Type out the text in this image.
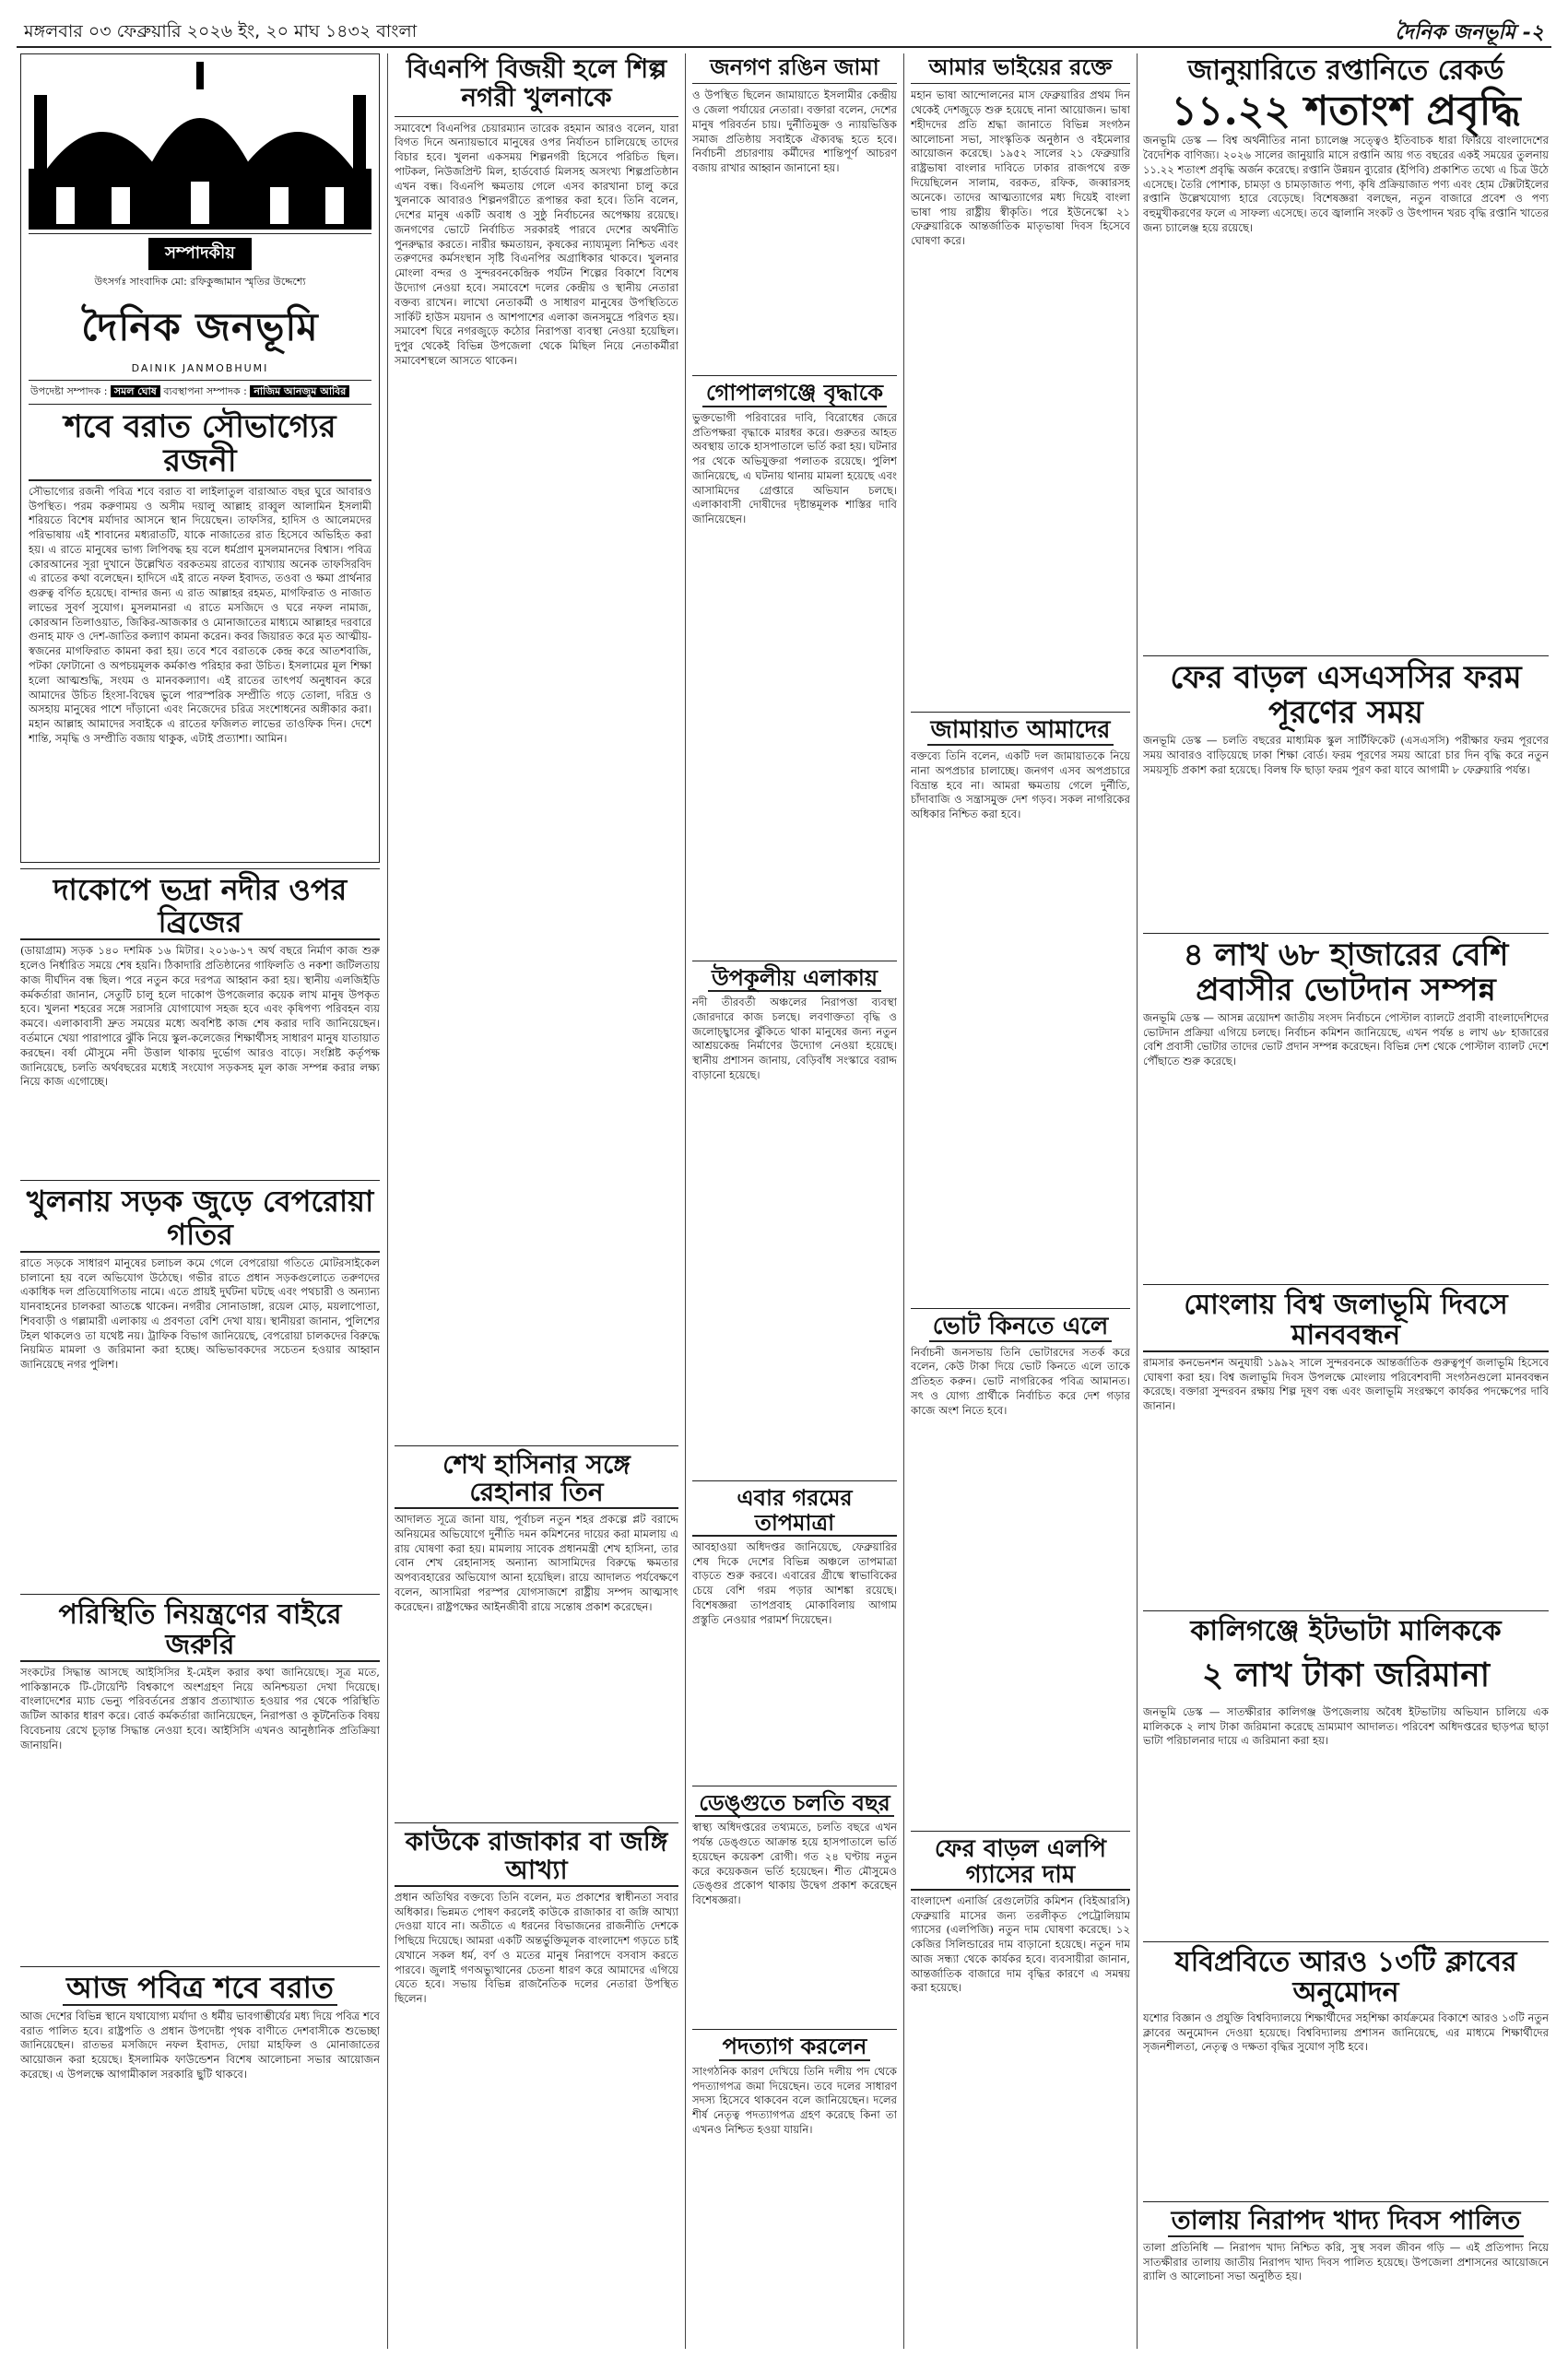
মঙ্গলবার ০৩ ফেব্রুয়ারি ২০২৬ ইং, ২০ মাঘ ১৪৩২ বাংলা	দৈনিক জনভূমি -২
সম্পাদকীয়
উৎসর্গঃ সাংবাদিক মো: রফিকুজ্জামান স্মৃতির উদ্দেশ্যে
দৈনিক জনভূমি
DAINIK JANMOBHUMI
উপদেষ্টা সম্পাদক : সমল ঘোষ ব্যবস্থাপনা সম্পাদক : নাজিম আনজুম আবির
শবে বরাত সৌভাগ্যের রজনী

সৌভাগ্যের রজনী পবিত্র শবে বরাত বা লাইলাতুল বারাআত বছর ঘুরে আবারও উপস্থিত। পরম করুণাময় ও অসীম দয়ালু আল্লাহ রাব্বুল আলামিন ইসলামী শরিয়তে বিশেষ মর্যাদার আসনে স্থান দিয়েছেন। তাফসির, হাদিস ও আলেমদের পরিভাষায় এই শাবানের মধ্যরাতটি, যাকে নাজাতের রাত হিসেবে অভিহিত করা হয়। এ রাতে মানুষের ভাগ্য লিপিবদ্ধ হয় বলে ধর্মপ্রাণ মুসলমানদের বিশ্বাস। পবিত্র কোরআনের সূরা দুখানে উল্লেখিত বরকতময় রাতের ব্যাখ্যায় অনেক তাফসিরবিদ এ রাতের কথা বলেছেন। হাদিসে এই রাতে নফল ইবাদত, তওবা ও ক্ষমা প্রার্থনার গুরুত্ব বর্ণিত হয়েছে। বান্দার জন্য এ রাত আল্লাহর রহমত, মাগফিরাত ও নাজাত লাভের সুবর্ণ সুযোগ। মুসলমানরা এ রাতে মসজিদে ও ঘরে নফল নামাজ, কোরআন তিলাওয়াত, জিকির-আজকার ও মোনাজাতের মাধ্যমে আল্লাহর দরবারে গুনাহ মাফ ও দেশ-জাতির কল্যাণ কামনা করেন। কবর জিয়ারত করে মৃত আত্মীয়-স্বজনের মাগফিরাত কামনা করা হয়। তবে শবে বরাতকে কেন্দ্র করে আতশবাজি, পটকা ফোটানো ও অপচয়মূলক কর্মকাণ্ড পরিহার করা উচিত। ইসলামের মূল শিক্ষা হলো আত্মশুদ্ধি, সংযম ও মানবকল্যাণ। এই রাতের তাৎপর্য অনুধাবন করে আমাদের উচিত হিংসা-বিদ্বেষ ভুলে পারস্পরিক সম্প্রীতি গড়ে তোলা, দরিদ্র ও অসহায় মানুষের পাশে দাঁড়ানো এবং নিজেদের চরিত্র সংশোধনের অঙ্গীকার করা। মহান আল্লাহ আমাদের সবাইকে এ রাতের ফজিলত লাভের তাওফিক দিন। দেশে শান্তি, সমৃদ্ধি ও সম্প্রীতি বজায় থাকুক, এটাই প্রত্যাশা। আমিন।

দাকোপে ভদ্রা নদীর ওপর ব্রিজের

(ডায়াগ্রাম) সড়ক ১৪০ দশমিক ১৬ মিটার। ২০১৬-১৭ অর্থ বছরে নির্মাণ কাজ শুরু হলেও নির্ধারিত সময়ে শেষ হয়নি। ঠিকাদারি প্রতিষ্ঠানের গাফিলতি ও নকশা জটিলতায় কাজ দীর্ঘদিন বন্ধ ছিল। পরে নতুন করে দরপত্র আহ্বান করা হয়। স্থানীয় এলজিইডি কর্মকর্তারা জানান, সেতুটি চালু হলে দাকোপ উপজেলার কয়েক লাখ মানুষ উপকৃত হবে। খুলনা শহরের সঙ্গে সরাসরি যোগাযোগ সহজ হবে এবং কৃষিপণ্য পরিবহন ব্যয় কমবে। এলাকাবাসী দ্রুত সময়ের মধ্যে অবশিষ্ট কাজ শেষ করার দাবি জানিয়েছেন। বর্তমানে খেয়া পারাপারে ঝুঁকি নিয়ে স্কুল-কলেজের শিক্ষার্থীসহ সাধারণ মানুষ যাতায়াত করছেন। বর্ষা মৌসুমে নদী উত্তাল থাকায় দুর্ভোগ আরও বাড়ে। সংশ্লিষ্ট কর্তৃপক্ষ জানিয়েছে, চলতি অর্থবছরের মধ্যেই সংযোগ সড়কসহ মূল কাজ সম্পন্ন করার লক্ষ্য নিয়ে কাজ এগোচ্ছে।

খুলনায় সড়ক জুড়ে বেপরোয়া গতির

রাতে সড়কে সাধারণ মানুষের চলাচল কমে গেলে বেপরোয়া গতিতে মোটরসাইকেল চালানো হয় বলে অভিযোগ উঠেছে। গভীর রাতে প্রধান সড়কগুলোতে তরুণদের একাধিক দল প্রতিযোগিতায় নামে। এতে প্রায়ই দুর্ঘটনা ঘটছে এবং পথচারী ও অন্যান্য যানবাহনের চালকরা আতঙ্কে থাকেন। নগরীর সোনাডাঙ্গা, রয়েল মোড়, ময়লাপোতা, শিববাড়ী ও গল্লামারী এলাকায় এ প্রবণতা বেশি দেখা যায়। স্থানীয়রা জানান, পুলিশের টহল থাকলেও তা যথেষ্ট নয়। ট্রাফিক বিভাগ জানিয়েছে, বেপরোয়া চালকদের বিরুদ্ধে নিয়মিত মামলা ও জরিমানা করা হচ্ছে। অভিভাবকদের সচেতন হওয়ার আহ্বান জানিয়েছে নগর পুলিশ।

পরিস্থিতি নিয়ন্ত্রণের বাইরে জরুরি

সংকটের সিদ্ধান্ত আসছে আইসিসির ই-মেইল করার কথা জানিয়েছে। সূত্র মতে, পাকিস্তানকে টি-টোয়েন্টি বিশ্বকাপে অংশগ্রহণ নিয়ে অনিশ্চয়তা দেখা দিয়েছে। বাংলাদেশের ম্যাচ ভেন্যু পরিবর্তনের প্রস্তাব প্রত্যাখ্যাত হওয়ার পর থেকে পরিস্থিতি জটিল আকার ধারণ করে। বোর্ড কর্মকর্তারা জানিয়েছেন, নিরাপত্তা ও কূটনৈতিক বিষয় বিবেচনায় রেখে চূড়ান্ত সিদ্ধান্ত নেওয়া হবে। আইসিসি এখনও আনুষ্ঠানিক প্রতিক্রিয়া জানায়নি।

আজ পবিত্র শবে বরাত

আজ দেশের বিভিন্ন স্থানে যথাযোগ্য মর্যাদা ও ধর্মীয় ভাবগাম্ভীর্যের মধ্য দিয়ে পবিত্র শবে বরাত পালিত হবে। রাষ্ট্রপতি ও প্রধান উপদেষ্টা পৃথক বাণীতে দেশবাসীকে শুভেচ্ছা জানিয়েছেন। রাতভর মসজিদে নফল ইবাদত, দোয়া মাহফিল ও মোনাজাতের আয়োজন করা হয়েছে। ইসলামিক ফাউন্ডেশন বিশেষ আলোচনা সভার আয়োজন করেছে। এ উপলক্ষে আগামীকাল সরকারি ছুটি থাকবে।

বিএনপি বিজয়ী হলে শিল্প নগরী খুলনাকে

সমাবেশে বিএনপির চেয়ারম্যান তারেক রহমান আরও বলেন, যারা বিগত দিনে অন্যায়ভাবে মানুষের ওপর নির্যাতন চালিয়েছে তাদের বিচার হবে। খুলনা একসময় শিল্পনগরী হিসেবে পরিচিত ছিল। পাটকল, নিউজপ্রিন্ট মিল, হার্ডবোর্ড মিলসহ অসংখ্য শিল্পপ্রতিষ্ঠান এখন বন্ধ। বিএনপি ক্ষমতায় গেলে এসব কারখানা চালু করে খুলনাকে আবারও শিল্পনগরীতে রূপান্তর করা হবে। তিনি বলেন, দেশের মানুষ একটি অবাধ ও সুষ্ঠু নির্বাচনের অপেক্ষায় রয়েছে। জনগণের ভোটে নির্বাচিত সরকারই পারবে দেশের অর্থনীতি পুনরুদ্ধার করতে। নারীর ক্ষমতায়ন, কৃষকের ন্যায্যমূল্য নিশ্চিত এবং তরুণদের কর্মসংস্থান সৃষ্টি বিএনপির অগ্রাধিকার থাকবে। খুলনার মোংলা বন্দর ও সুন্দরবনকেন্দ্রিক পর্যটন শিল্পের বিকাশে বিশেষ উদ্যোগ নেওয়া হবে। সমাবেশে দলের কেন্দ্রীয় ও স্থানীয় নেতারা বক্তব্য রাখেন। লাখো নেতাকর্মী ও সাধারণ মানুষের উপস্থিতিতে সার্কিট হাউস ময়দান ও আশপাশের এলাকা জনসমুদ্রে পরিণত হয়। সমাবেশ ঘিরে নগরজুড়ে কঠোর নিরাপত্তা ব্যবস্থা নেওয়া হয়েছিল। দুপুর থেকেই বিভিন্ন উপজেলা থেকে মিছিল নিয়ে নেতাকর্মীরা সমাবেশস্থলে আসতে থাকেন।

শেখ হাসিনার সঙ্গে রেহানার তিন

আদালত সূত্রে জানা যায়, পূর্বাচল নতুন শহর প্রকল্পে প্লট বরাদ্দে অনিয়মের অভিযোগে দুর্নীতি দমন কমিশনের দায়ের করা মামলায় এ রায় ঘোষণা করা হয়। মামলায় সাবেক প্রধানমন্ত্রী শেখ হাসিনা, তার বোন শেখ রেহানাসহ অন্যান্য আসামিদের বিরুদ্ধে ক্ষমতার অপব্যবহারের অভিযোগ আনা হয়েছিল। রায়ে আদালত পর্যবেক্ষণে বলেন, আসামিরা পরস্পর যোগসাজশে রাষ্ট্রীয় সম্পদ আত্মসাৎ করেছেন। রাষ্ট্রপক্ষের আইনজীবী রায়ে সন্তোষ প্রকাশ করেছেন।

কাউকে রাজাকার বা জঙ্গি আখ্যা

প্রধান অতিথির বক্তব্যে তিনি বলেন, মত প্রকাশের স্বাধীনতা সবার অধিকার। ভিন্নমত পোষণ করলেই কাউকে রাজাকার বা জঙ্গি আখ্যা দেওয়া যাবে না। অতীতে এ ধরনের বিভাজনের রাজনীতি দেশকে পিছিয়ে দিয়েছে। আমরা একটি অন্তর্ভুক্তিমূলক বাংলাদেশ গড়তে চাই যেখানে সকল ধর্ম, বর্ণ ও মতের মানুষ নিরাপদে বসবাস করতে পারবে। জুলাই গণঅভ্যুত্থানের চেতনা ধারণ করে আমাদের এগিয়ে যেতে হবে। সভায় বিভিন্ন রাজনৈতিক দলের নেতারা উপস্থিত ছিলেন।

জনগণ রঙিন জামা

ও উপস্থিত ছিলেন জামায়াতে ইসলামীর কেন্দ্রীয় ও জেলা পর্যায়ের নেতারা। বক্তারা বলেন, দেশের মানুষ পরিবর্তন চায়। দুর্নীতিমুক্ত ও ন্যায়ভিত্তিক সমাজ প্রতিষ্ঠায় সবাইকে ঐক্যবদ্ধ হতে হবে। নির্বাচনী প্রচারণায় কর্মীদের শান্তিপূর্ণ আচরণ বজায় রাখার আহ্বান জানানো হয়।

গোপালগঞ্জে বৃদ্ধাকে

ভুক্তভোগী পরিবারের দাবি, বিরোধের জেরে প্রতিপক্ষরা বৃদ্ধাকে মারধর করে। গুরুতর আহত অবস্থায় তাকে হাসপাতালে ভর্তি করা হয়। ঘটনার পর থেকে অভিযুক্তরা পলাতক রয়েছে। পুলিশ জানিয়েছে, এ ঘটনায় থানায় মামলা হয়েছে এবং আসামিদের গ্রেপ্তারে অভিযান চলছে। এলাকাবাসী দোষীদের দৃষ্টান্তমূলক শাস্তির দাবি জানিয়েছেন।

উপকূলীয় এলাকায়

নদী তীরবর্তী অঞ্চলের নিরাপত্তা ব্যবস্থা জোরদারে কাজ চলছে। লবণাক্ততা বৃদ্ধি ও জলোচ্ছ্বাসের ঝুঁকিতে থাকা মানুষের জন্য নতুন আশ্রয়কেন্দ্র নির্মাণের উদ্যোগ নেওয়া হয়েছে। স্থানীয় প্রশাসন জানায়, বেড়িবাঁধ সংস্কারে বরাদ্দ বাড়ানো হয়েছে।

এবার গরমের তাপমাত্রা

আবহাওয়া অধিদপ্তর জানিয়েছে, ফেব্রুয়ারির শেষ দিকে দেশের বিভিন্ন অঞ্চলে তাপমাত্রা বাড়তে শুরু করবে। এবারের গ্রীষ্মে স্বাভাবিকের চেয়ে বেশি গরম পড়ার আশঙ্কা রয়েছে। বিশেষজ্ঞরা তাপপ্রবাহ মোকাবিলায় আগাম প্রস্তুতি নেওয়ার পরামর্শ দিয়েছেন।

ডেঙ্গুতে চলতি বছর

স্বাস্থ্য অধিদপ্তরের তথ্যমতে, চলতি বছরে এখন পর্যন্ত ডেঙ্গুতে আক্রান্ত হয়ে হাসপাতালে ভর্তি হয়েছেন কয়েকশ রোগী। গত ২৪ ঘণ্টায় নতুন করে কয়েকজন ভর্তি হয়েছেন। শীত মৌসুমেও ডেঙ্গুর প্রকোপ থাকায় উদ্বেগ প্রকাশ করেছেন বিশেষজ্ঞরা।

পদত্যাগ করলেন

সাংগঠনিক কারণ দেখিয়ে তিনি দলীয় পদ থেকে পদত্যাগপত্র জমা দিয়েছেন। তবে দলের সাধারণ সদস্য হিসেবে থাকবেন বলে জানিয়েছেন। দলের শীর্ষ নেতৃত্ব পদত্যাগপত্র গ্রহণ করেছে কিনা তা এখনও নিশ্চিত হওয়া যায়নি।

আমার ভাইয়ের রক্তে

মহান ভাষা আন্দোলনের মাস ফেব্রুয়ারির প্রথম দিন থেকেই দেশজুড়ে শুরু হয়েছে নানা আয়োজন। ভাষা শহীদদের প্রতি শ্রদ্ধা জানাতে বিভিন্ন সংগঠন আলোচনা সভা, সাংস্কৃতিক অনুষ্ঠান ও বইমেলার আয়োজন করেছে। ১৯৫২ সালের ২১ ফেব্রুয়ারি রাষ্ট্রভাষা বাংলার দাবিতে ঢাকার রাজপথে রক্ত দিয়েছিলেন সালাম, বরকত, রফিক, জব্বারসহ অনেকে। তাদের আত্মত্যাগের মধ্য দিয়েই বাংলা ভাষা পায় রাষ্ট্রীয় স্বীকৃতি। পরে ইউনেস্কো ২১ ফেব্রুয়ারিকে আন্তর্জাতিক মাতৃভাষা দিবস হিসেবে ঘোষণা করে।

জামায়াত আমাদের

বক্তব্যে তিনি বলেন, একটি দল জামায়াতকে নিয়ে নানা অপপ্রচার চালাচ্ছে। জনগণ এসব অপপ্রচারে বিভ্রান্ত হবে না। আমরা ক্ষমতায় গেলে দুর্নীতি, চাঁদাবাজি ও সন্ত্রাসমুক্ত দেশ গড়ব। সকল নাগরিকের অধিকার নিশ্চিত করা হবে।

ভোট কিনতে এলে

নির্বাচনী জনসভায় তিনি ভোটারদের সতর্ক করে বলেন, কেউ টাকা দিয়ে ভোট কিনতে এলে তাকে প্রতিহত করুন। ভোট নাগরিকের পবিত্র আমানত। সৎ ও যোগ্য প্রার্থীকে নির্বাচিত করে দেশ গড়ার কাজে অংশ নিতে হবে।

ফের বাড়ল এলপি গ্যাসের দাম

বাংলাদেশ এনার্জি রেগুলেটরি কমিশন (বিইআরসি) ফেব্রুয়ারি মাসের জন্য তরলীকৃত পেট্রোলিয়াম গ্যাসের (এলপিজি) নতুন দাম ঘোষণা করেছে। ১২ কেজির সিলিন্ডারের দাম বাড়ানো হয়েছে। নতুন দাম আজ সন্ধ্যা থেকে কার্যকর হবে। ব্যবসায়ীরা জানান, আন্তর্জাতিক বাজারে দাম বৃদ্ধির কারণে এ সমন্বয় করা হয়েছে।

জানুয়ারিতে রপ্তানিতে রেকর্ড
১১.২২ শতাংশ প্রবৃদ্ধি

জনভূমি ডেস্ক — বিশ্ব অর্থনীতির নানা চ্যালেঞ্জ সত্ত্বেও ইতিবাচক ধারা ফিরিয়ে বাংলাদেশের বৈদেশিক বাণিজ্য। ২০২৬ সালের জানুয়ারি মাসে রপ্তানি আয় গত বছরের একই সময়ের তুলনায় ১১.২২ শতাংশ প্রবৃদ্ধি অর্জন করেছে। রপ্তানি উন্নয়ন ব্যুরোর (ইপিবি) প্রকাশিত তথ্যে এ চিত্র উঠে এসেছে। তৈরি পোশাক, চামড়া ও চামড়াজাত পণ্য, কৃষি প্রক্রিয়াজাত পণ্য এবং হোম টেক্সটাইলের রপ্তানি উল্লেখযোগ্য হারে বেড়েছে। বিশেষজ্ঞরা বলছেন, নতুন বাজারে প্রবেশ ও পণ্য বহুমুখীকরণের ফলে এ সাফল্য এসেছে। তবে জ্বালানি সংকট ও উৎপাদন খরচ বৃদ্ধি রপ্তানি খাতের জন্য চ্যালেঞ্জ হয়ে রয়েছে।

ফের বাড়ল এসএসসির ফরম পূরণের সময়

জনভূমি ডেস্ক — চলতি বছরের মাধ্যমিক স্কুল সার্টিফিকেট (এসএসসি) পরীক্ষার ফরম পূরণের সময় আবারও বাড়িয়েছে ঢাকা শিক্ষা বোর্ড। ফরম পূরণের সময় আরো চার দিন বৃদ্ধি করে নতুন সময়সূচি প্রকাশ করা হয়েছে। বিলম্ব ফি ছাড়া ফরম পূরণ করা যাবে আগামী ৮ ফেব্রুয়ারি পর্যন্ত।

৪ লাখ ৬৮ হাজারের বেশি প্রবাসীর ভোটদান সম্পন্ন

জনভূমি ডেস্ক — আসন্ন ত্রয়োদশ জাতীয় সংসদ নির্বাচনে পোস্টাল ব্যালটে প্রবাসী বাংলাদেশিদের ভোটদান প্রক্রিয়া এগিয়ে চলছে। নির্বাচন কমিশন জানিয়েছে, এখন পর্যন্ত ৪ লাখ ৬৮ হাজারের বেশি প্রবাসী ভোটার তাদের ভোট প্রদান সম্পন্ন করেছেন। বিভিন্ন দেশ থেকে পোস্টাল ব্যালট দেশে পৌঁছাতে শুরু করেছে।

মোংলায় বিশ্ব জলাভূমি দিবসে মানববন্ধন

রামসার কনভেনশন অনুযায়ী ১৯৯২ সালে সুন্দরবনকে আন্তর্জাতিক গুরুত্বপূর্ণ জলাভূমি হিসেবে ঘোষণা করা হয়। বিশ্ব জলাভূমি দিবস উপলক্ষে মোংলায় পরিবেশবাদী সংগঠনগুলো মানববন্ধন করেছে। বক্তারা সুন্দরবন রক্ষায় শিল্প দূষণ বন্ধ এবং জলাভূমি সংরক্ষণে কার্যকর পদক্ষেপের দাবি জানান।

কালিগঞ্জে ইটভাটা মালিককে
২ লাখ টাকা জরিমানা

জনভূমি ডেস্ক — সাতক্ষীরার কালিগঞ্জ উপজেলায় অবৈধ ইটভাটায় অভিযান চালিয়ে এক মালিককে ২ লাখ টাকা জরিমানা করেছে ভ্রাম্যমাণ আদালত। পরিবেশ অধিদপ্তরের ছাড়পত্র ছাড়া ভাটা পরিচালনার দায়ে এ জরিমানা করা হয়।

যবিপ্রবিতে আরও ১৩টি ক্লাবের অনুমোদন

যশোর বিজ্ঞান ও প্রযুক্তি বিশ্ববিদ্যালয়ে শিক্ষার্থীদের সহশিক্ষা কার্যক্রমের বিকাশে আরও ১৩টি নতুন ক্লাবের অনুমোদন দেওয়া হয়েছে। বিশ্ববিদ্যালয় প্রশাসন জানিয়েছে, এর মাধ্যমে শিক্ষার্থীদের সৃজনশীলতা, নেতৃত্ব ও দক্ষতা বৃদ্ধির সুযোগ সৃষ্টি হবে।

তালায় নিরাপদ খাদ্য দিবস পালিত

তালা প্রতিনিধি — নিরাপদ খাদ্য নিশ্চিত করি, সুস্থ সবল জীবন গড়ি — এই প্রতিপাদ্য নিয়ে সাতক্ষীরার তালায় জাতীয় নিরাপদ খাদ্য দিবস পালিত হয়েছে। উপজেলা প্রশাসনের আয়োজনে র‍্যালি ও আলোচনা সভা অনুষ্ঠিত হয়।
